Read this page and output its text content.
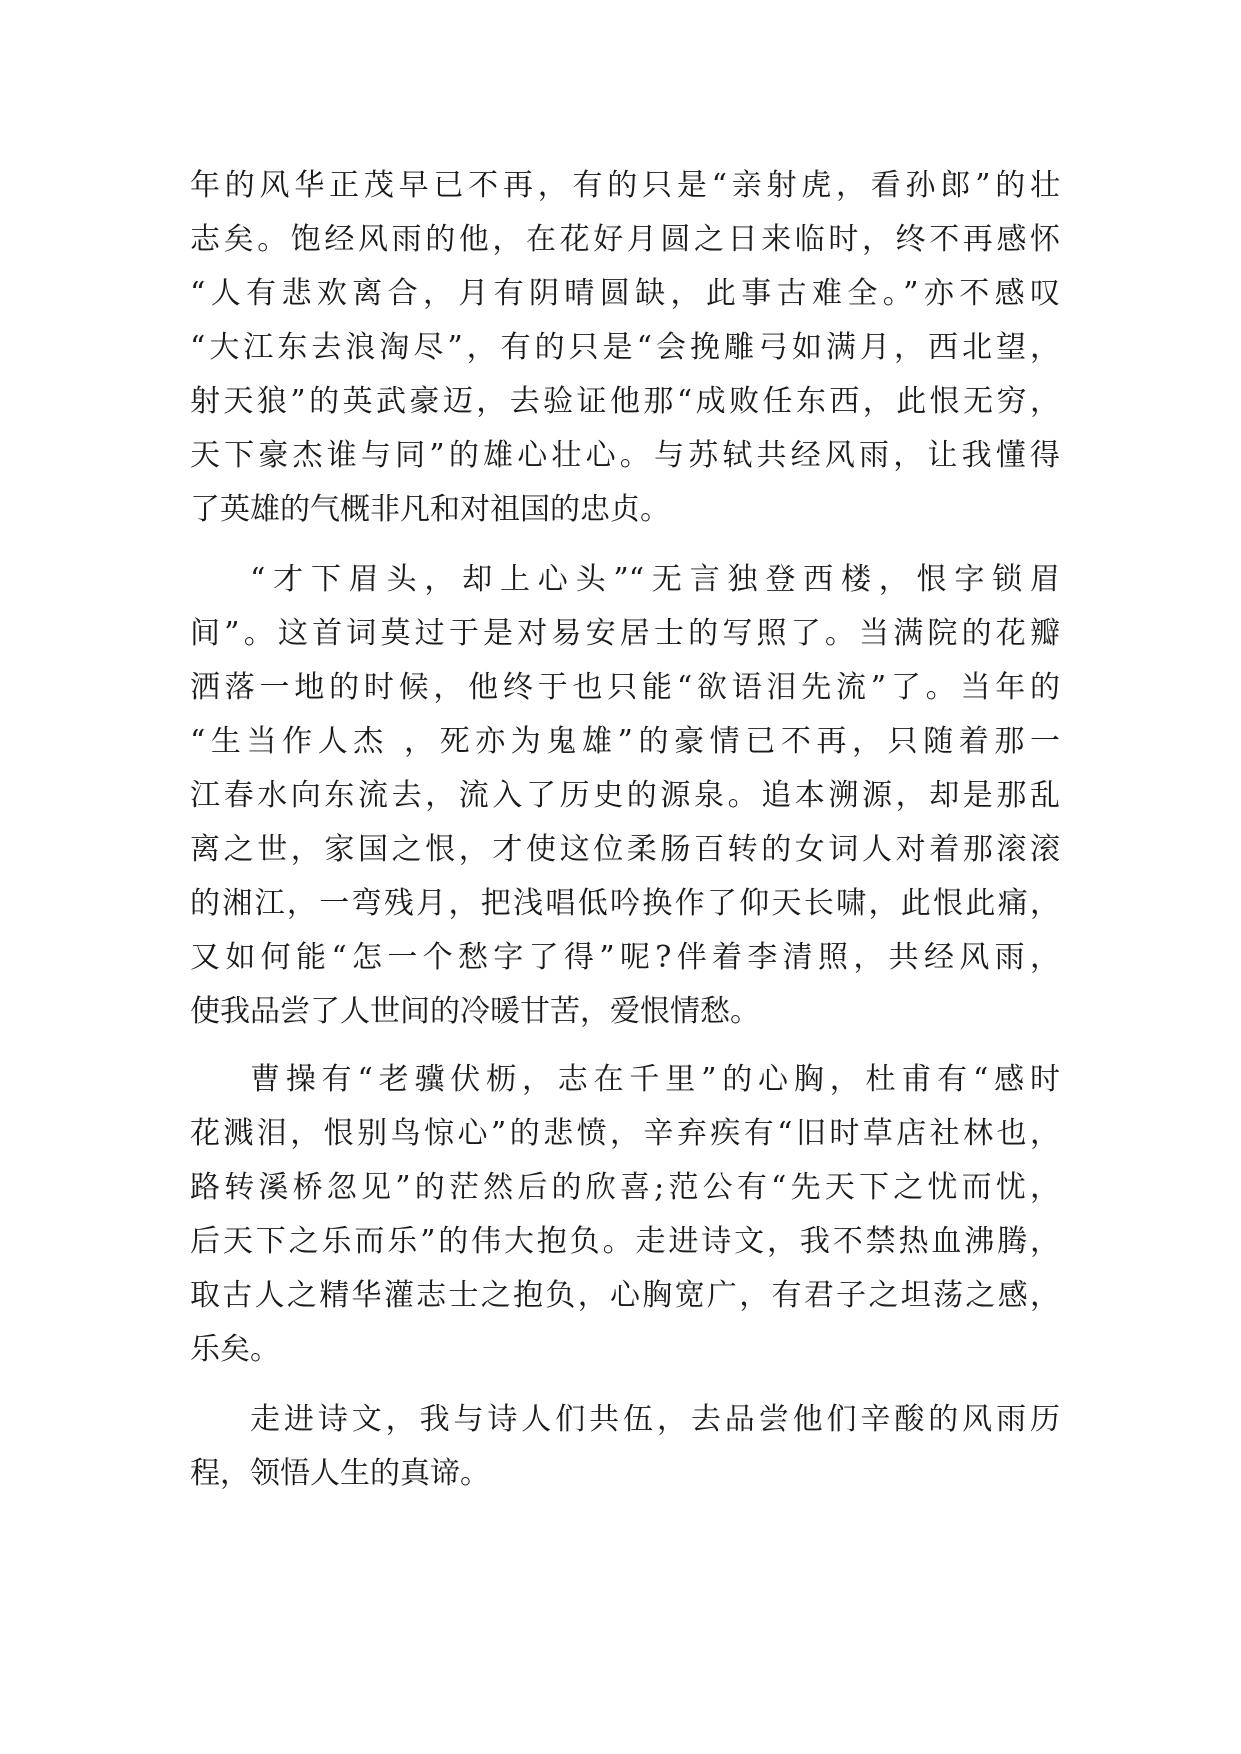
年的风华正茂早已不再，有的只是“亲射虎，看孙郎”的壮
志矣。饱经风雨的他，在花好月圆之日来临时，终不再感怀
“人有悲欢离合，月有阴晴圆缺，此事古难全。”亦不感叹
“大江东去浪淘尽”，有的只是“会挽雕弓如满月，西北望，
射天狼”的英武豪迈，去验证他那“成败任东西，此恨无穷，
天下豪杰谁与同”的雄心壮心。与苏轼共经风雨，让我懂得
了英雄的气概非凡和对祖国的忠贞。
“才下眉头，却上心头”“无言独登西楼，恨字锁眉
间”。这首词莫过于是对易安居士的写照了。当满院的花瓣
洒落一地的时候，他终于也只能“欲语泪先流”了。当年的
“生当作人杰 ，死亦为鬼雄”的豪情已不再，只随着那一
江春水向东流去，流入了历史的源泉。追本溯源，却是那乱
离之世，家国之恨，才使这位柔肠百转的女词人对着那滚滚
的湘江，一弯残月，把浅唱低吟换作了仰天长啸，此恨此痛，
又如何能“怎一个愁字了得”呢?伴着李清照，共经风雨，
使我品尝了人世间的冷暖甘苦，爱恨情愁。
曹操有“老骥伏枥，志在千里”的心胸，杜甫有“感时
花溅泪，恨别鸟惊心”的悲愤，辛弃疾有“旧时草店社林也，
路转溪桥忽见”的茫然后的欣喜;范公有“先天下之忧而忧，
后天下之乐而乐”的伟大抱负。走进诗文，我不禁热血沸腾，
取古人之精华灌志士之抱负，心胸宽广，有君子之坦荡之感，
乐矣。
走进诗文，我与诗人们共伍，去品尝他们辛酸的风雨历
程，领悟人生的真谛。
